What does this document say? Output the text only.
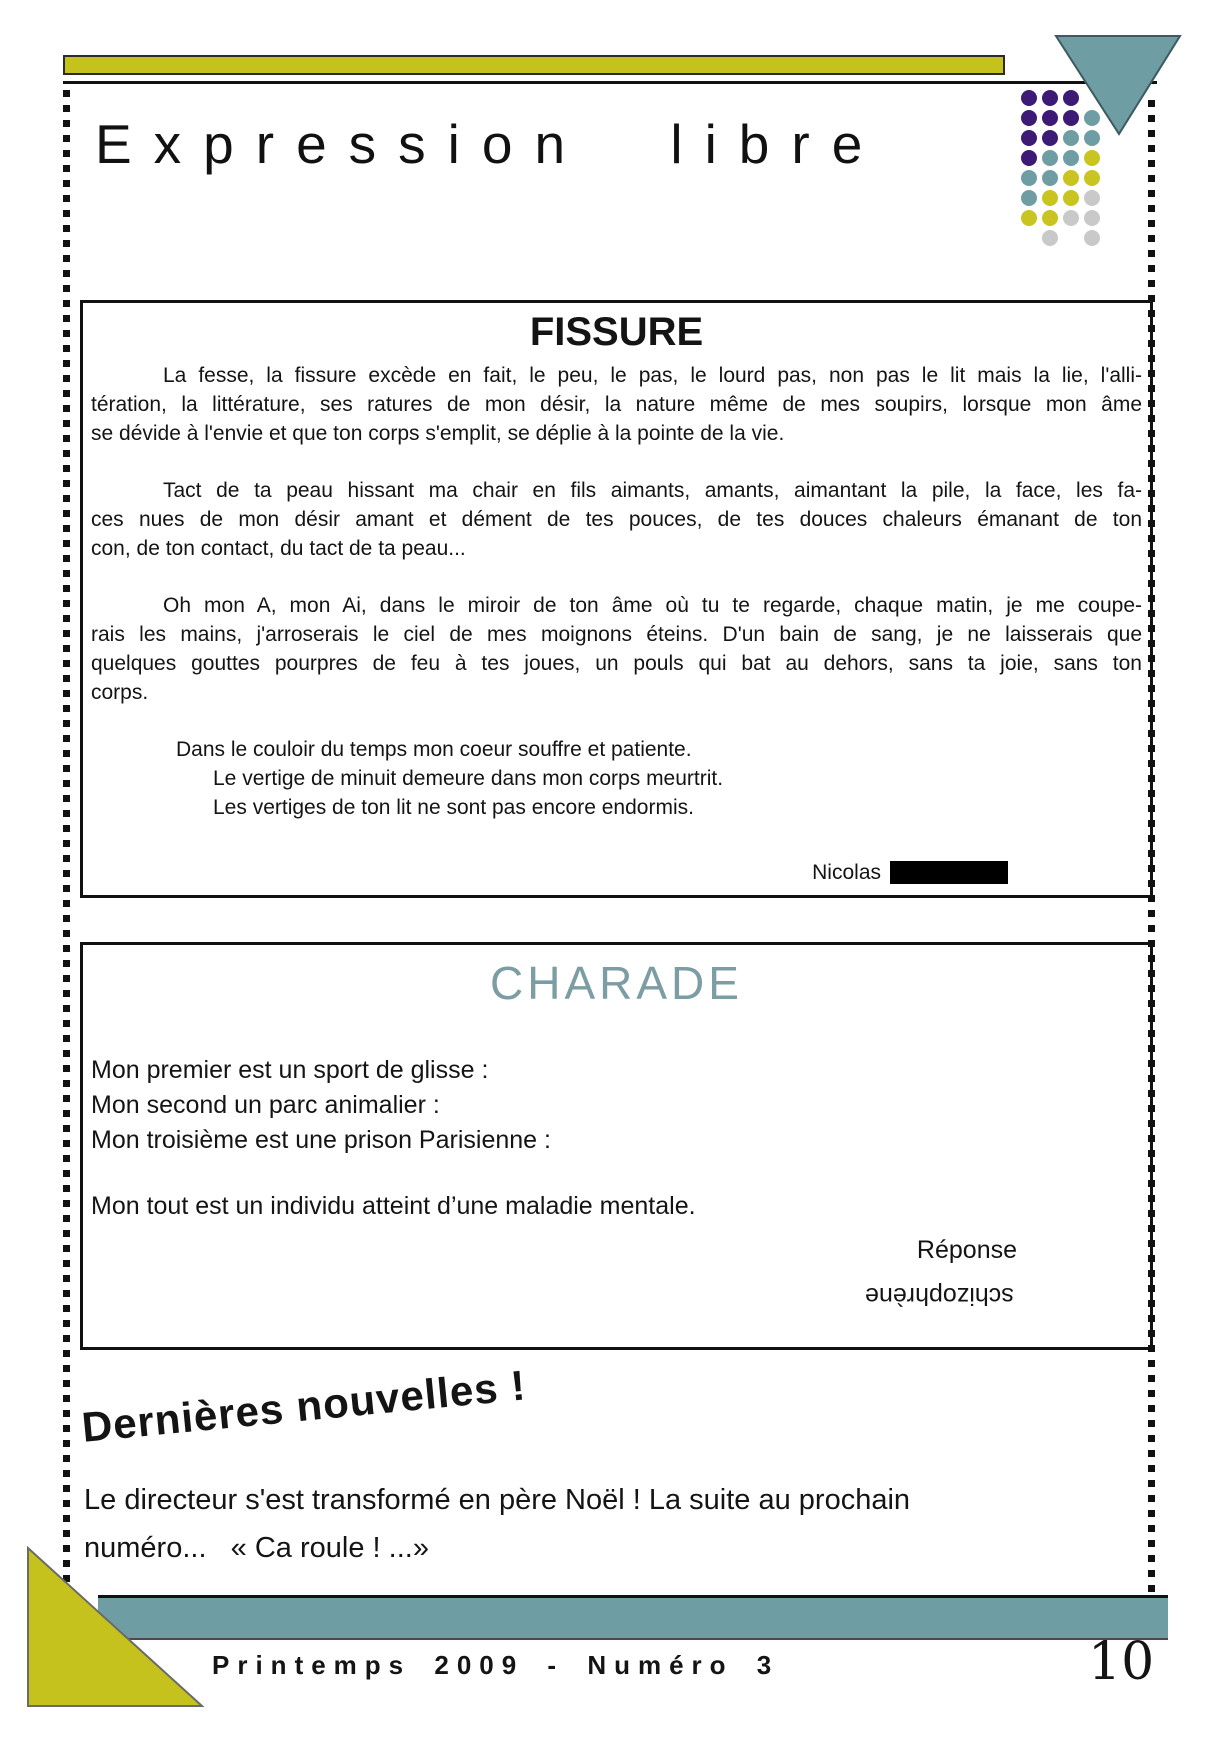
Expression libre
FISSURE
La fesse, la fissure excède en fait, le peu, le pas, le lourd pas, non pas le lit mais la lie, l'alli-
tération, la littérature, ses ratures de mon désir, la nature même de mes soupirs, lorsque mon âme
se dévide à l'envie et que ton corps s'emplit, se déplie à la pointe de la vie.
Tact de ta peau hissant ma chair en fils aimants, amants, aimantant la pile, la face, les fa-
ces nues de mon désir amant et dément de tes pouces, de tes douces chaleurs émanant de ton
con, de ton contact, du tact de ta peau...
Oh mon A, mon Ai, dans le miroir de ton âme où tu te regarde, chaque matin, je me coupe-
rais les mains, j'arroserais le ciel de mes moignons éteins. D'un bain de sang, je ne laisserais que
quelques gouttes pourpres de feu à tes joues, un pouls qui bat au dehors, sans ta joie, sans ton
corps.
Dans le couloir du temps mon coeur souffre et patiente.
Le vertige de minuit demeure dans mon corps meurtrit.
Les vertiges de ton lit ne sont pas encore endormis.
Nicolas
CHARADE
Mon premier est un sport de glisse :
Mon second un parc animalier :
Mon troisième est une prison Parisienne :
Mon tout est un individu atteint d’une maladie mentale.
Réponse
schizophrène
Dernières nouvelles !
Le directeur s'est transformé en père Noël ! La suite au prochain
numéro...   « Ca roule ! ...»
Printemps 2009 - Numéro 3	10
